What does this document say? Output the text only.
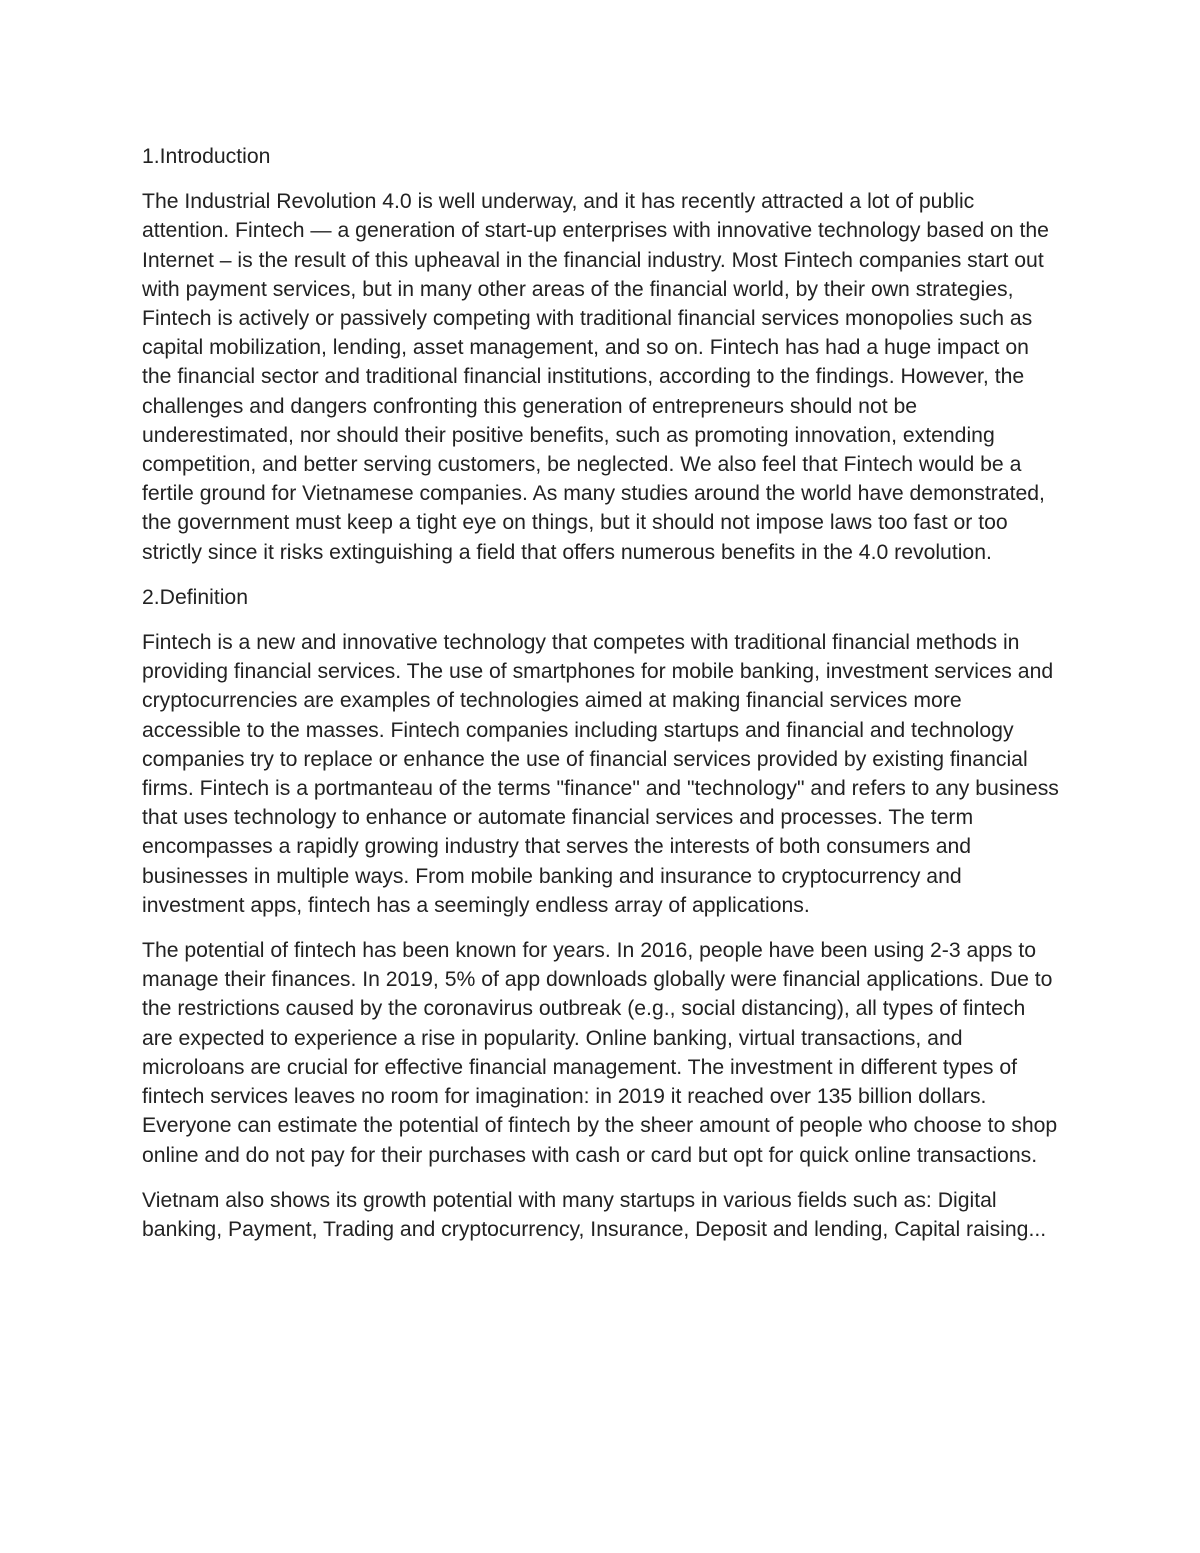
1.Introduction

The Industrial Revolution 4.0 is well underway, and it has recently attracted a lot of public attention. Fintech — a generation of start-up enterprises with innovative technology based on the Internet – is the result of this upheaval in the financial industry. Most Fintech companies start out with payment services, but in many other areas of the financial world, by their own strategies, Fintech is actively or passively competing with traditional financial services monopolies such as capital mobilization, lending, asset management, and so on. Fintech has had a huge impact on the financial sector and traditional financial institutions, according to the findings. However, the challenges and dangers confronting this generation of entrepreneurs should not be underestimated, nor should their positive benefits, such as promoting innovation, extending competition, and better serving customers, be neglected. We also feel that Fintech would be a fertile ground for Vietnamese companies. As many studies around the world have demonstrated, the government must keep a tight eye on things, but it should not impose laws too fast or too strictly since it risks extinguishing a field that offers numerous benefits in the 4.0 revolution.

2.Definition

Fintech is a new and innovative technology that competes with traditional financial methods in providing financial services. The use of smartphones for mobile banking, investment services and cryptocurrencies are examples of technologies aimed at making financial services more accessible to the masses. Fintech companies including startups and financial and technology companies try to replace or enhance the use of financial services provided by existing financial firms. Fintech is a portmanteau of the terms "finance" and "technology" and refers to any business that uses technology to enhance or automate financial services and processes. The term encompasses a rapidly growing industry that serves the interests of both consumers and businesses in multiple ways. From mobile banking and insurance to cryptocurrency and investment apps, fintech has a seemingly endless array of applications.

The potential of fintech has been known for years. In 2016, people have been using 2-3 apps to manage their finances. In 2019, 5% of app downloads globally were financial applications. Due to the restrictions caused by the coronavirus outbreak (e.g., social distancing), all types of fintech are expected to experience a rise in popularity. Online banking, virtual transactions, and microloans are crucial for effective financial management. The investment in different types of fintech services leaves no room for imagination: in 2019 it reached over 135 billion dollars. Everyone can estimate the potential of fintech by the sheer amount of people who choose to shop online and do not pay for their purchases with cash or card but opt for quick online transactions.

Vietnam also shows its growth potential with many startups in various fields such as: Digital banking, Payment, Trading and cryptocurrency, Insurance, Deposit and lending, Capital raising...
